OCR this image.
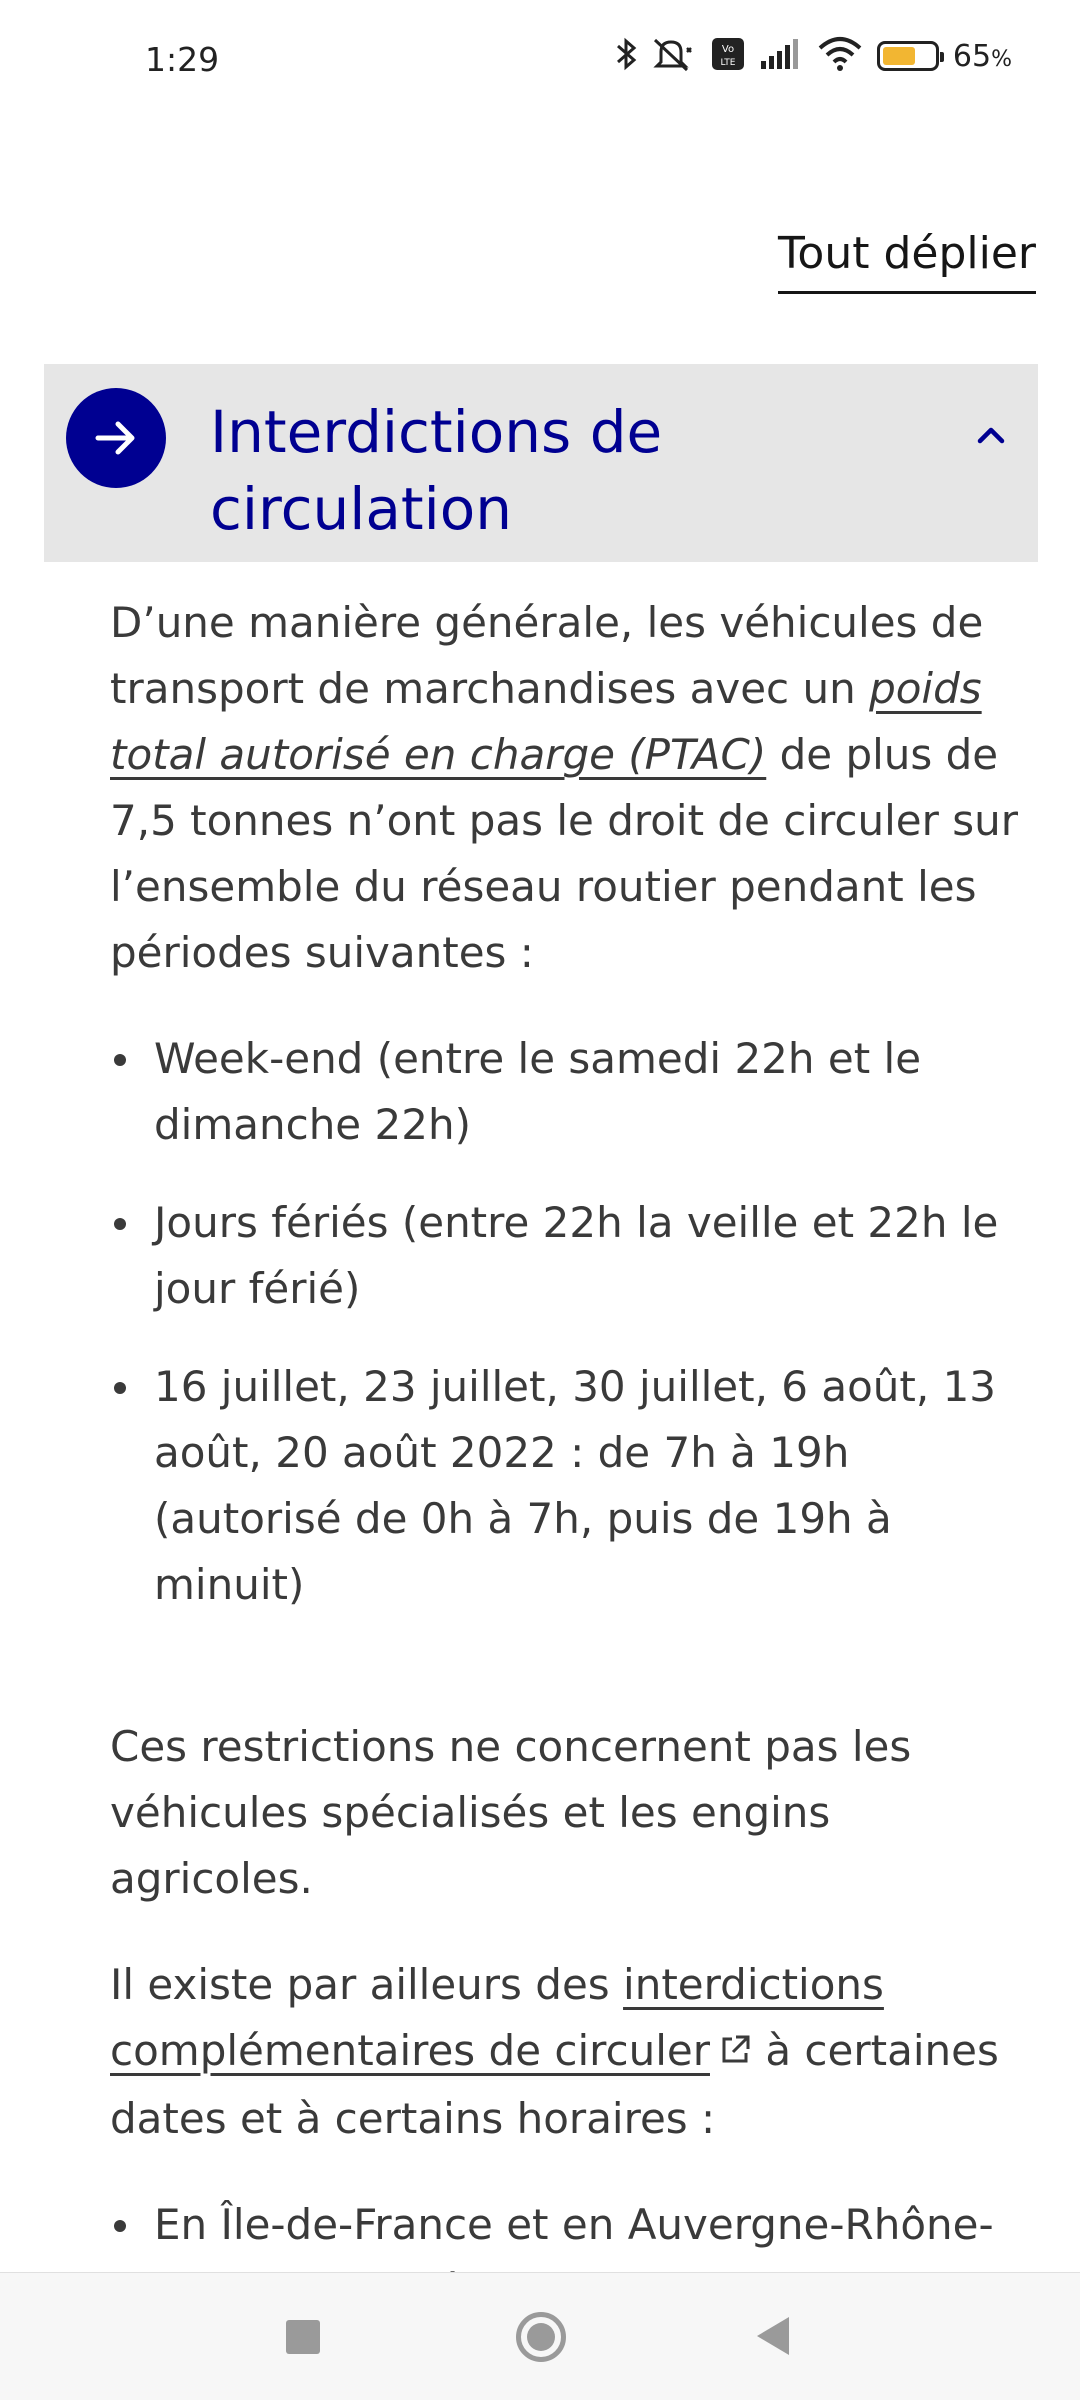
1:29	Vo
LTE	65%
Tout déplier
Interdictions de
circulation

D’une manière générale, les véhicules de transport de marchandises avec un poids total autorisé en charge (PTAC) de plus de 7,5 tonnes n’ont pas le droit de circuler sur l’ensemble du réseau routier pendant les périodes suivantes :

Week-end (entre le samedi 22h et le dimanche 22h)
Jours fériés (entre 22h la veille et 22h le jour férié)
16 juillet, 23 juillet, 30 juillet, 6 août, 13 août, 20 août 2022 : de 7h à 19h (autorisé de 0h à 7h, puis de 19h à minuit)

Ces restrictions ne concernent pas les véhicules spécialisés et les engins agricoles.

Il existe par ailleurs des interdictions complémentaires de circuler à certaines dates et à certains horaires :

En Île-de-France et en Auvergne-Rhône-
